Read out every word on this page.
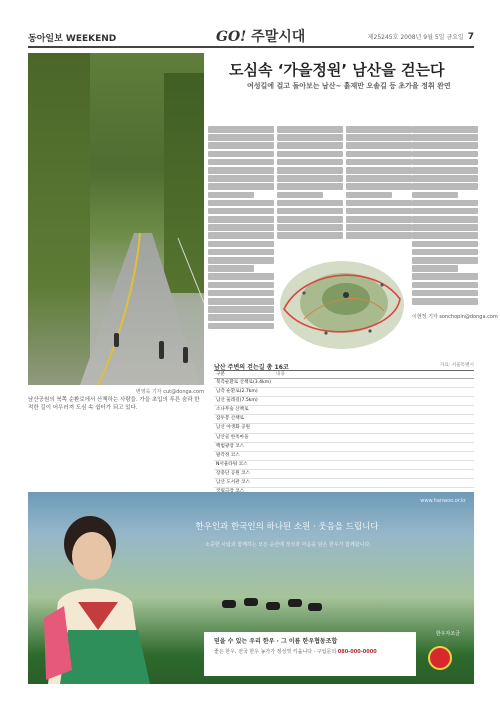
동아일보 WEEKEND	GO! 주말시대	제25245호 2008년 9월 5일 금요일 7
변영욱 기자 cut@donga.com
남산공원의 북쪽 순환로에서 산책하는 사람들. 가을 초입의 푸른 숲과 한적한 길이 어우러져 도심 속 쉼터가 되고 있다.
도심속 ‘가을정원’ 남산을 걷는다
여성길에 걸고 돌아보는 남산~ 흙재만 오솔길 등 초가을 정취 완연
이현정 기자 sonchopin@donga.com
남산 주변의 걷는길 총 16코	자료: 서울특별시
구분	내용
북측순환로 산책로(3.4km)
남측 순환로(2.7km)
남산 둘레길(7.5km)
소나무숲 산책로
잠두봉 산책로
남산 야생화 공원
남산골 한옥마을
백범광장 코스
팔각정 코스
N서울타워 코스
장충단 공원 코스
남산 도서관 코스
www.hanwoo.or.kr
한우인과 한국인의 하나된 소원 · 웃음을 드립니다
소중한 사람과 함께하는 모든 순간에 정성과 마음을 담은 한우가 함께합니다.
믿을 수 있는 우리 한우 · 그 이름 한우협동조합
좋은 한우, 전국 한우 농가가 정성껏 키웁니다 · 구입문의 080-000-0000
한우자조금
